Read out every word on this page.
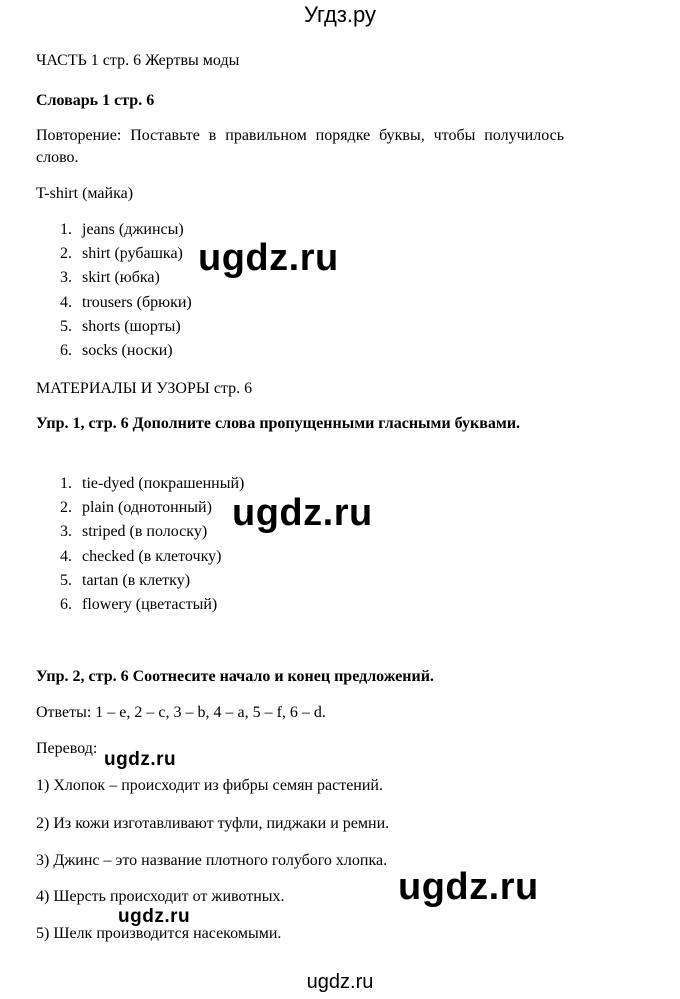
Угдз.ру
ЧАСТЬ 1 стр. 6 Жертвы моды
Словарь 1 стр. 6
Повторение: Поставьте в правильном порядке буквы, чтобы получилось слово.
T-shirt (майка)
1. jeans (джинсы)
2. shirt (рубашка)
3. skirt (юбка)
4. trousers (брюки)
5. shorts (шорты)
6. socks (носки)
МАТЕРИАЛЫ И УЗОРЫ стр. 6
Упр. 1, стр. 6 Дополните слова пропущенными гласными буквами.
1. tie-dyed (покрашенный)
2. plain (однотонный)
3. striped (в полоску)
4. checked (в клеточку)
5. tartan (в клетку)
6. flowery (цветастый)
Упр. 2, стр. 6 Соотнесите начало и конец предложений.
Ответы: 1 – e, 2 – c, 3 – b, 4 – a, 5 – f, 6 – d.
Перевод:
1) Хлопок – происходит из фибры семян растений.
2) Из кожи изготавливают туфли, пиджаки и ремни.
3) Джинс – это название плотного голубого хлопка.
4) Шерсть происходит от животных.
5) Шелк производится насекомыми.
ugdz.ru
ugdz.ru
ugdz.ru
ugdz.ru
ugdz.ru
ugdz.ru
